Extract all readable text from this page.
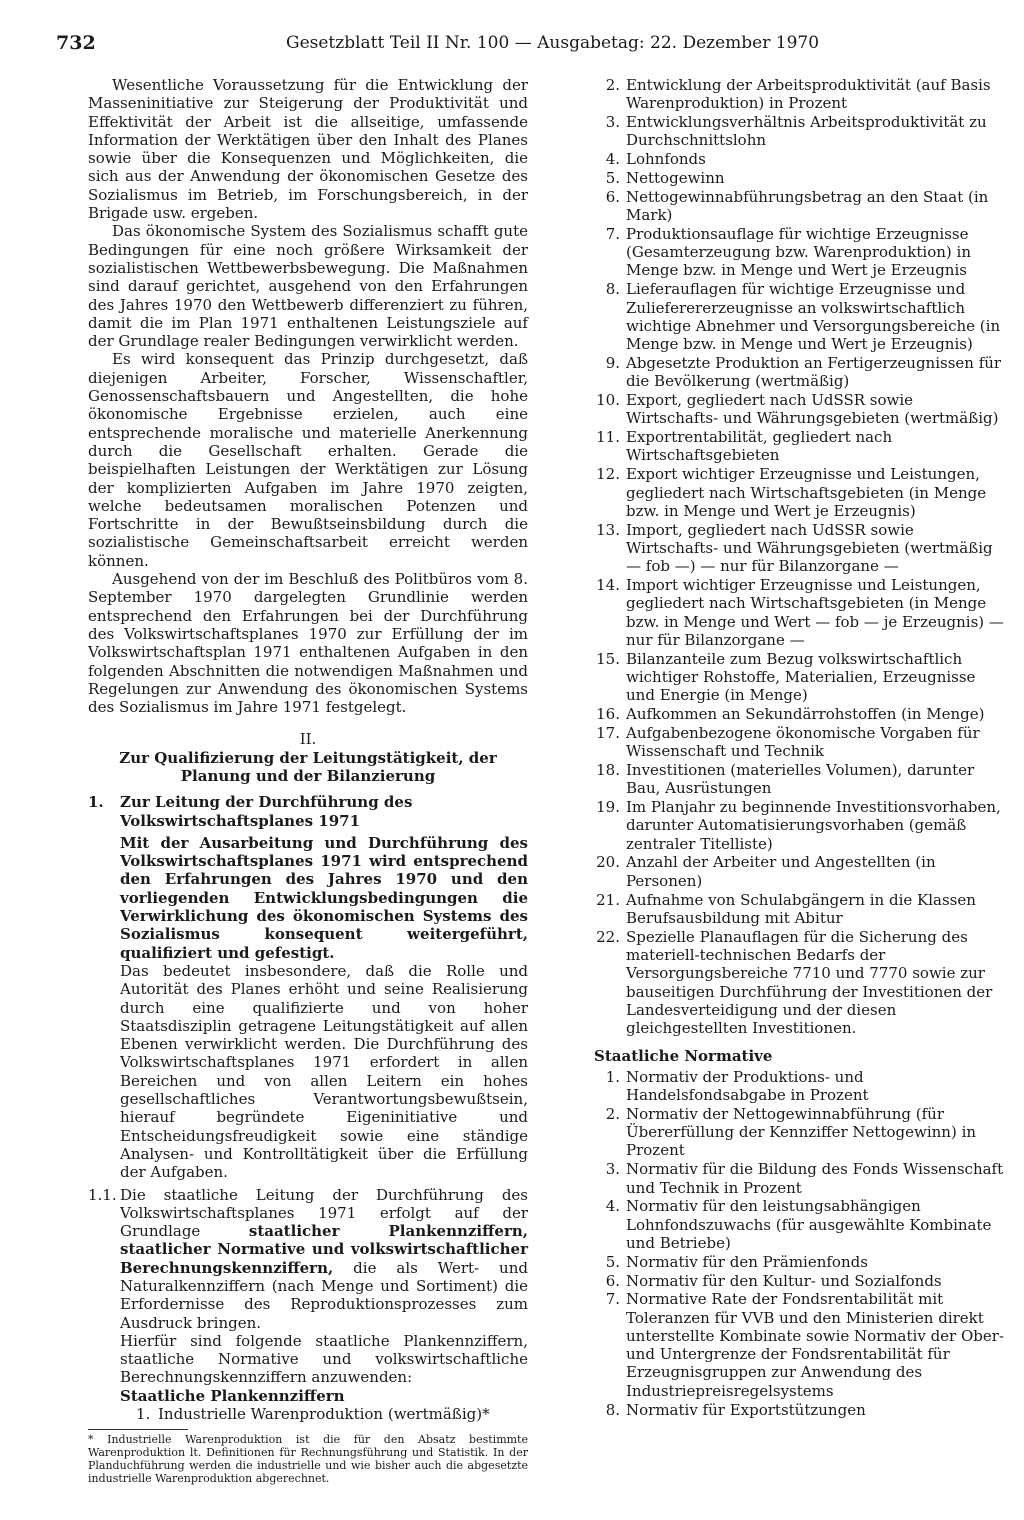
732	Gesetzblatt Teil II Nr. 100 — Ausgabetag: 22. Dezember 1970

Wesentliche Voraussetzung für die Entwicklung der Masseninitiative zur Steigerung der Produktivität und Effektivität der Arbeit ist die allseitige, umfassende Information der Werktätigen über den Inhalt des Planes sowie über die Konsequenzen und Möglichkeiten, die sich aus der Anwendung der ökonomischen Gesetze des Sozialismus im Betrieb, im Forschungsbereich, in der Brigade usw. ergeben.

Das ökonomische System des Sozialismus schafft gute Bedingungen für eine noch größere Wirksamkeit der sozialistischen Wettbewerbsbewegung. Die Maßnahmen sind darauf gerichtet, ausgehend von den Erfahrungen des Jahres 1970 den Wettbewerb differenziert zu führen, damit die im Plan 1971 enthaltenen Leistungsziele auf der Grundlage realer Bedingungen verwirklicht werden.

Es wird konsequent das Prinzip durchgesetzt, daß diejenigen Arbeiter, Forscher, Wissenschaftler, Genossenschaftsbauern und Angestellten, die hohe ökonomische Ergebnisse erzielen, auch eine entsprechende moralische und materielle Anerkennung durch die Gesellschaft erhalten. Gerade die beispielhaften Leistungen der Werktätigen zur Lösung der komplizierten Aufgaben im Jahre 1970 zeigten, welche bedeutsamen moralischen Potenzen und Fortschritte in der Bewußtseinsbildung durch die sozialistische Gemeinschaftsarbeit erreicht werden können.

Ausgehend von der im Beschluß des Politbüros vom 8. September 1970 dargelegten Grundlinie werden entsprechend den Erfahrungen bei der Durchführung des Volkswirtschaftsplanes 1970 zur Erfüllung der im Volkswirtschaftsplan 1971 enthaltenen Aufgaben in den folgenden Abschnitten die notwendigen Maßnahmen und Regelungen zur Anwendung des ökonomischen Systems des Sozialismus im Jahre 1971 festgelegt.

II.
Zur Qualifizierung der Leitungstätigkeit, der Planung und der Bilanzierung
1.	Zur Leitung der Durchführung des Volkswirtschaftsplanes 1971

Mit der Ausarbeitung und Durchführung des Volkswirtschaftsplanes 1971 wird entsprechend den Erfahrungen des Jahres 1970 und den vorliegenden Entwicklungsbedingungen die Verwirklichung des ökonomischen Systems des Sozialismus konsequent weitergeführt, qualifiziert und gefestigt.

Das bedeutet insbesondere, daß die Rolle und Autorität des Planes erhöht und seine Realisierung durch eine qualifizierte und von hoher Staatsdisziplin getragene Leitungstätigkeit auf allen Ebenen verwirklicht werden. Die Durchführung des Volkswirtschaftsplanes 1971 erfordert in allen Bereichen und von allen Leitern ein hohes gesellschaftliches Verantwortungsbewußtsein, hierauf begründete Eigeninitiative und Entscheidungsfreudigkeit sowie eine ständige Analysen- und Kontrolltätigkeit über die Erfüllung der Aufgaben.

1.1. Die staatliche Leitung der Durchführung des Volkswirtschaftsplanes 1971 erfolgt auf der Grundlage staatlicher Plankennziffern, staatlicher Normative und volkswirtschaftlicher Berechnungskennziffern, die als Wert- und Naturalkennziffern (nach Menge und Sortiment) die Erfordernisse des Reproduktionsprozesses zum Ausdruck bringen.

Hierfür sind folgende staatliche Plankennziffern, staatliche Normative und volkswirtschaftliche Berechnungskennziffern anzuwenden:

Staatliche Plankennziffern
1. Industrielle Warenproduktion (wertmäßig)*

* Industrielle Warenproduktion ist die für den Absatz bestimmte Warenproduktion lt. Definitionen für Rechnungsführung und Statistik. In der Planduchführung werden die industrielle und wie bisher auch die abgesetzte industrielle Warenproduktion abgerechnet.

2. Entwicklung der Arbeitsproduktivität (auf Basis Warenproduktion) in Prozent
3. Entwicklungsverhältnis Arbeitsproduktivität zu Durchschnittslohn
4. Lohnfonds
5. Nettogewinn
6. Nettogewinnabführungsbetrag an den Staat (in Mark)
7. Produktionsauflage für wichtige Erzeugnisse (Gesamterzeugung bzw. Warenproduktion) in Menge bzw. in Menge und Wert je Erzeugnis
8. Lieferauflagen für wichtige Erzeugnisse und Zulieferererzeugnisse an volkswirtschaftlich wichtige Abnehmer und Versorgungsbereiche (in Menge bzw. in Menge und Wert je Erzeugnis)
9. Abgesetzte Produktion an Fertigerzeugnissen für die Bevölkerung (wertmäßig)
10. Export, gegliedert nach UdSSR sowie Wirtschafts- und Währungsgebieten (wertmäßig)
11. Exportrentabilität, gegliedert nach Wirtschaftsgebieten
12. Export wichtiger Erzeugnisse und Leistungen, gegliedert nach Wirtschaftsgebieten (in Menge bzw. in Menge und Wert je Erzeugnis)
13. Import, gegliedert nach UdSSR sowie Wirtschafts- und Währungsgebieten (wertmäßig — fob —) — nur für Bilanzorgane —
14. Import wichtiger Erzeugnisse und Leistungen, gegliedert nach Wirtschaftsgebieten (in Menge bzw. in Menge und Wert — fob — je Erzeugnis) — nur für Bilanzorgane —
15. Bilanzanteile zum Bezug volkswirtschaftlich wichtiger Rohstoffe, Materialien, Erzeugnisse und Energie (in Menge)
16. Aufkommen an Sekundärrohstoffen (in Menge)
17. Aufgabenbezogene ökonomische Vorgaben für Wissenschaft und Technik
18. Investitionen (materielles Volumen), darunter Bau, Ausrüstungen
19. Im Planjahr zu beginnende Investitionsvorhaben, darunter Automatisierungsvorhaben (gemäß zentraler Titelliste)
20. Anzahl der Arbeiter und Angestellten (in Personen)
21. Aufnahme von Schulabgängern in die Klassen Berufsausbildung mit Abitur
22. Spezielle Planauflagen für die Sicherung des materiell-technischen Bedarfs der Versorgungsbereiche 7710 und 7770 sowie zur bauseitigen Durchführung der Investitionen der Landesverteidigung und der diesen gleichgestellten Investitionen.
Staatliche Normative
1. Normativ der Produktions- und Handelsfondsabgabe in Prozent
2. Normativ der Nettogewinnabführung (für Übererfüllung der Kennziffer Nettogewinn) in Prozent
3. Normativ für die Bildung des Fonds Wissenschaft und Technik in Prozent
4. Normativ für den leistungsabhängigen Lohnfondszuwachs (für ausgewählte Kombinate und Betriebe)
5. Normativ für den Prämienfonds
6. Normativ für den Kultur- und Sozialfonds
7. Normative Rate der Fondsrentabilität mit Toleranzen für VVB und den Ministerien direkt unterstellte Kombinate sowie Normativ der Ober- und Untergrenze der Fondsrentabilität für Erzeugnisgruppen zur Anwendung des Industriepreisregelsystems
8. Normativ für Exportstützungen
